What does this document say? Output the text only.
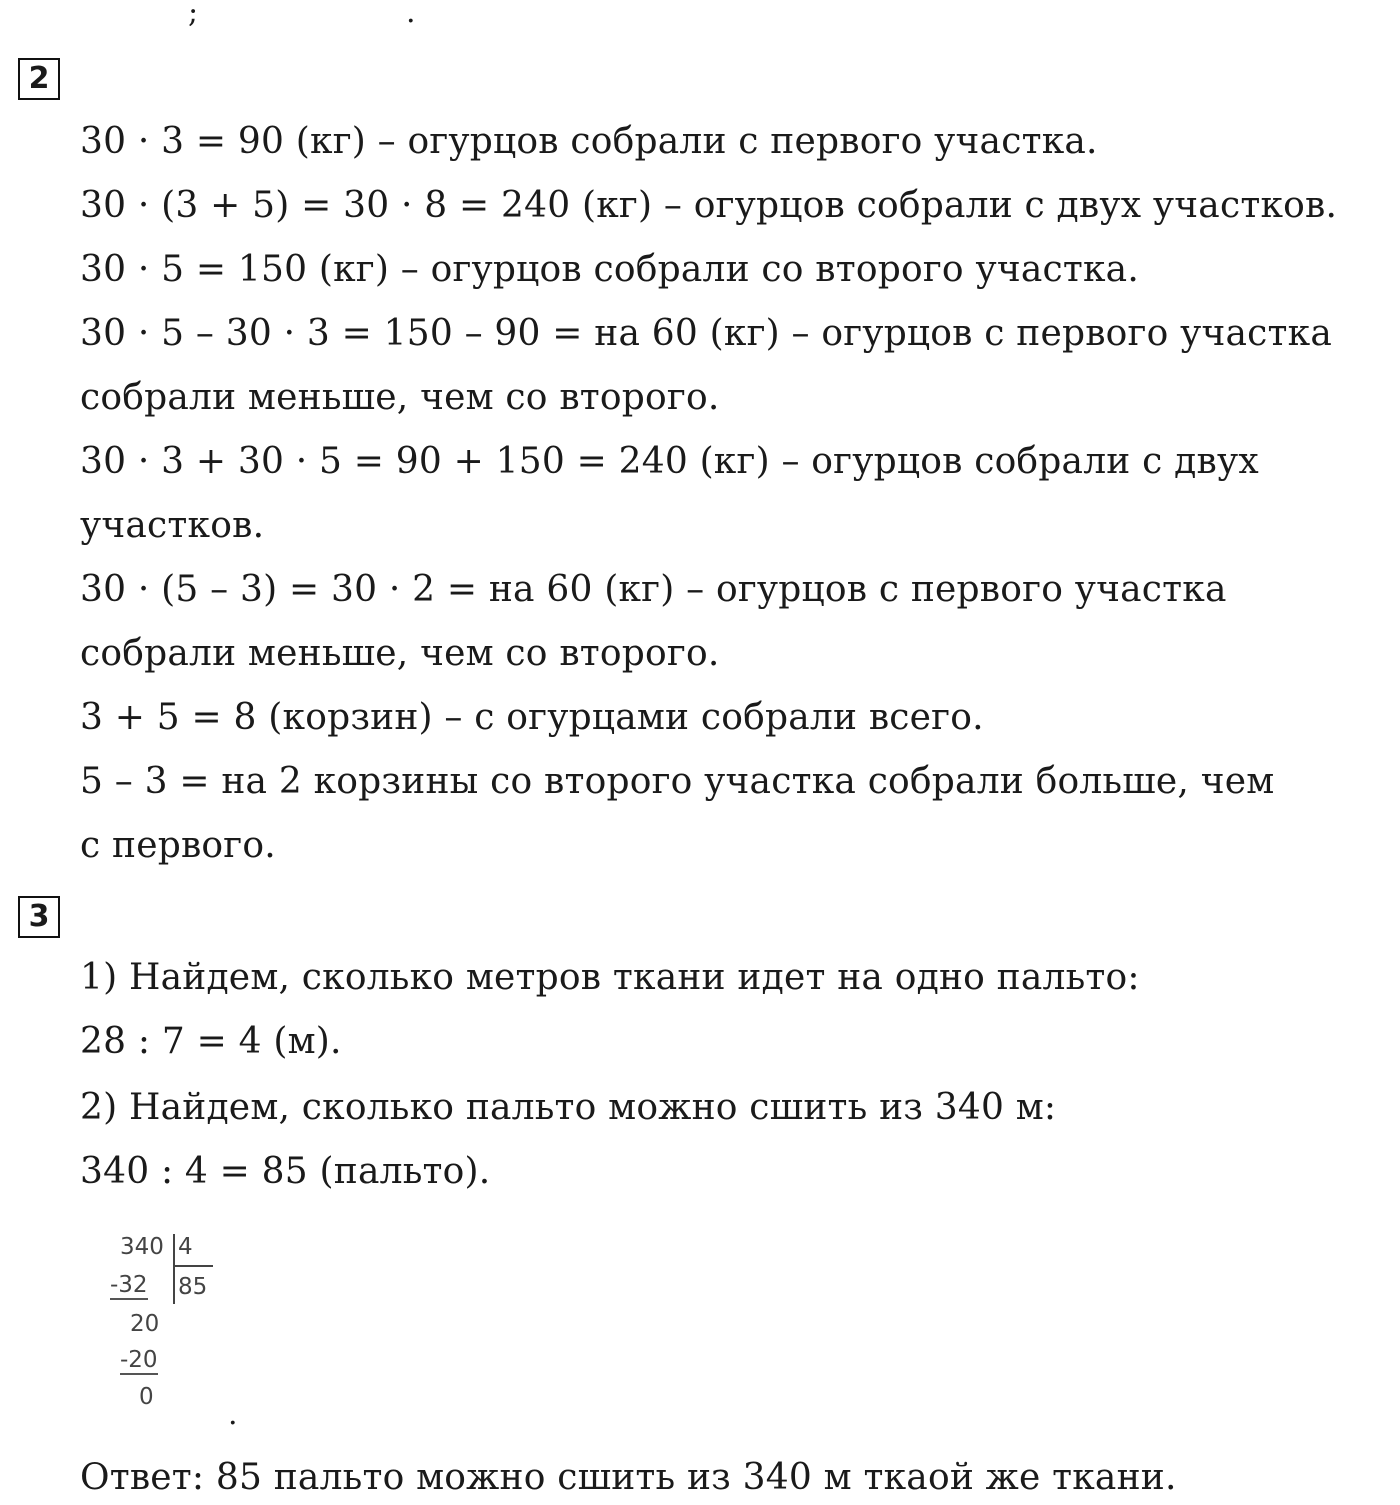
;	.
2
30 · 3 = 90 (кг) – огурцов собрали с первого участка.
30 · (3 + 5) = 30 · 8 = 240 (кг) – огурцов собрали с двух участков.
30 · 5 = 150 (кг) – огурцов собрали со второго участка.
30 · 5 – 30 · 3 = 150 – 90 = на 60 (кг) – огурцов с первого участка
собрали меньше, чем со второго.
30 · 3 + 30 · 5 = 90 + 150 = 240 (кг) – огурцов собрали с двух
участков.
30 · (5 – 3) = 30 · 2 = на 60 (кг) – огурцов с первого участка
собрали меньше, чем со второго.
3 + 5 = 8 (корзин) – с огурцами собрали всего.
5 – 3 = на 2 корзины со второго участка собрали больше, чем
с первого.
3
1) Найдем, сколько метров ткани идет на одно пальто:
28 : 7 = 4 (м).
2) Найдем, сколько пальто можно сшить из 340 м:
340 : 4 = 85 (пальто).
340 4
-32 85
20
-20
0 .
Ответ: 85 пальто можно сшить из 340 м ткаой же ткани.
